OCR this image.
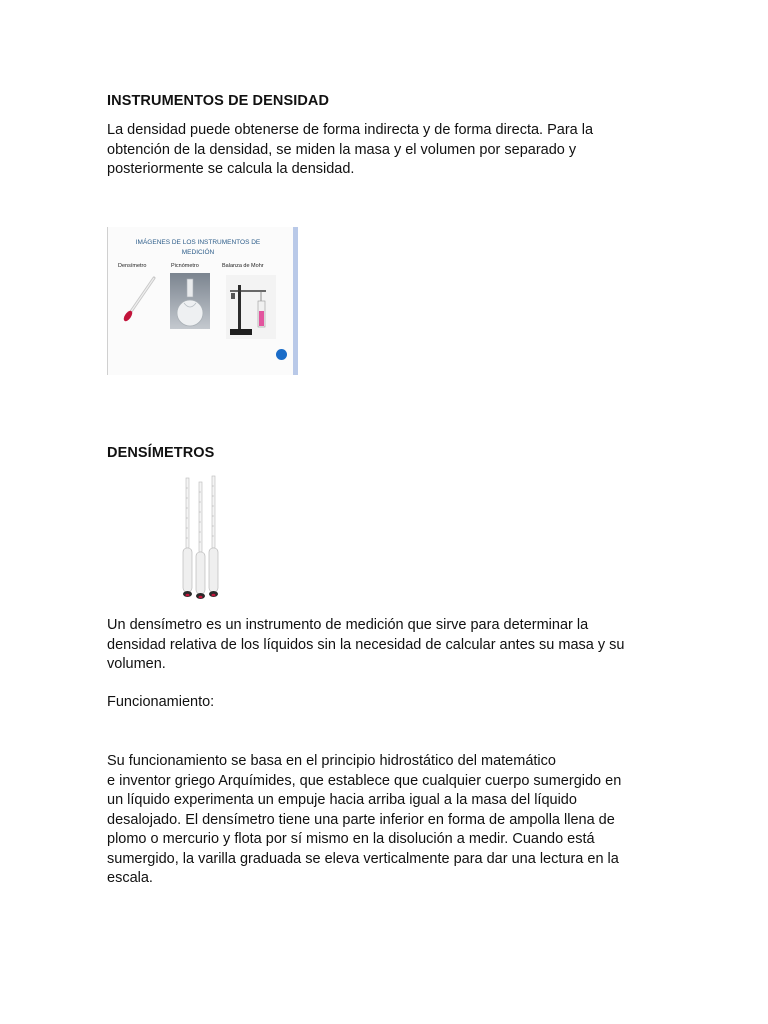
INSTRUMENTOS DE DENSIDAD

La densidad puede obtenerse de forma indirecta y de forma directa. Para la
obtención de la densidad, se miden la masa y el volumen por separado y
posteriormente se calcula la densidad.

IMÁGENES DE LOS INSTRUMENTOS DE
MEDICIÓN
Densímetro	Picnómetro	Balanza de Mohr
DENSÍMETROS

Un densímetro es un instrumento de medición que sirve para determinar la
densidad relativa de los líquidos sin la necesidad de calcular antes su masa y su
volumen.

Funcionamiento:

Su funcionamiento se basa en el principio hidrostático del matemático
e inventor griego Arquímides, que establece que cualquier cuerpo sumergido en
un líquido experimenta un empuje hacia arriba igual a la masa del líquido
desalojado. El densímetro tiene una parte inferior en forma de ampolla llena de
plomo o mercurio y flota por sí mismo en la disolución a medir. Cuando está
sumergido, la varilla graduada se eleva verticalmente para dar una lectura en la
escala.
